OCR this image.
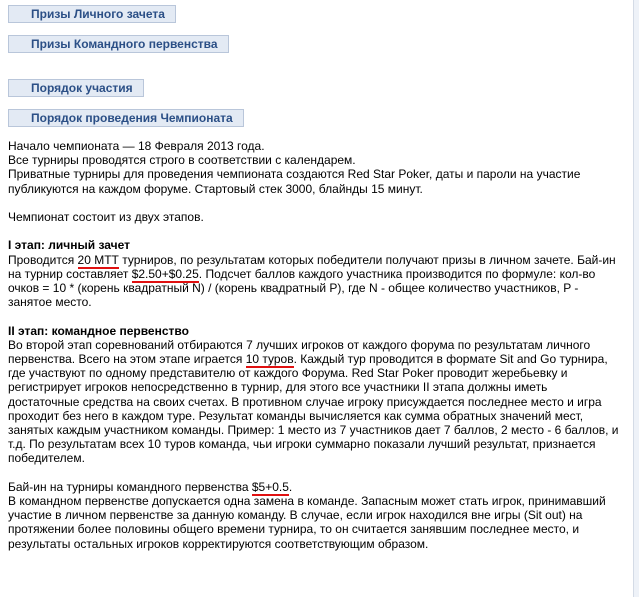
Призы Личного зачета
Призы Командного первенства
Порядок участия
Порядок проведения Чемпионата

Начало чемпионата — 18 Февраля 2013 года.

Все турниры проводятся строго в соответствии с календарем.

Приватные турниры для проведения чемпионата создаются Red Star Poker, даты и пароли на участие

публикуются на каждом форуме. Стартовый стек 3000, блайнды 15 минут.

Чемпионат состоит из двух этапов.

I этап: личный зачет

Проводится 20 МТТ турниров, по результатам которых победители получают призы в личном зачете. Бай-ин

на турнир составляет $2.50+$0.25. Подсчет баллов каждого участника производится по формуле: кол-во

очков = 10 * (корень квадратный N) / (корень квадратный P), где N - общее количество участников, P -

занятое место.

II этап: командное первенство

Во второй этап соревнований отбираются 7 лучших игроков от каждого форума по результатам личного

первенства. Всего на этом этапе играется 10 туров. Каждый тур проводится в формате Sit and Go турнира,

где участвуют по одному представителю от каждого Форума. Red Star Poker проводит жеребьевку и

регистрирует игроков непосредственно в турнир, для этого все участники II этапа должны иметь

достаточные средства на своих счетах. В противном случае игроку присуждается последнее место и игра

проходит без него в каждом туре. Результат команды вычисляется как сумма обратных значений мест,

занятых каждым участником команды. Пример: 1 место из 7 участников дает 7 баллов, 2 место - 6 баллов, и

т.д. По результатам всех 10 туров команда, чьи игроки суммарно показали лучший результат, признается

победителем.

Бай-ин на турниры командного первенства $5+0.5.

В командном первенстве допускается одна замена в команде. Запасным может стать игрок, принимавший

участие в личном первенстве за данную команду. В случае, если игрок находился вне игры (Sit out) на

протяжении более половины общего времени турнира, то он считается занявшим последнее место, и

результаты остальных игроков корректируются соответствующим образом.
